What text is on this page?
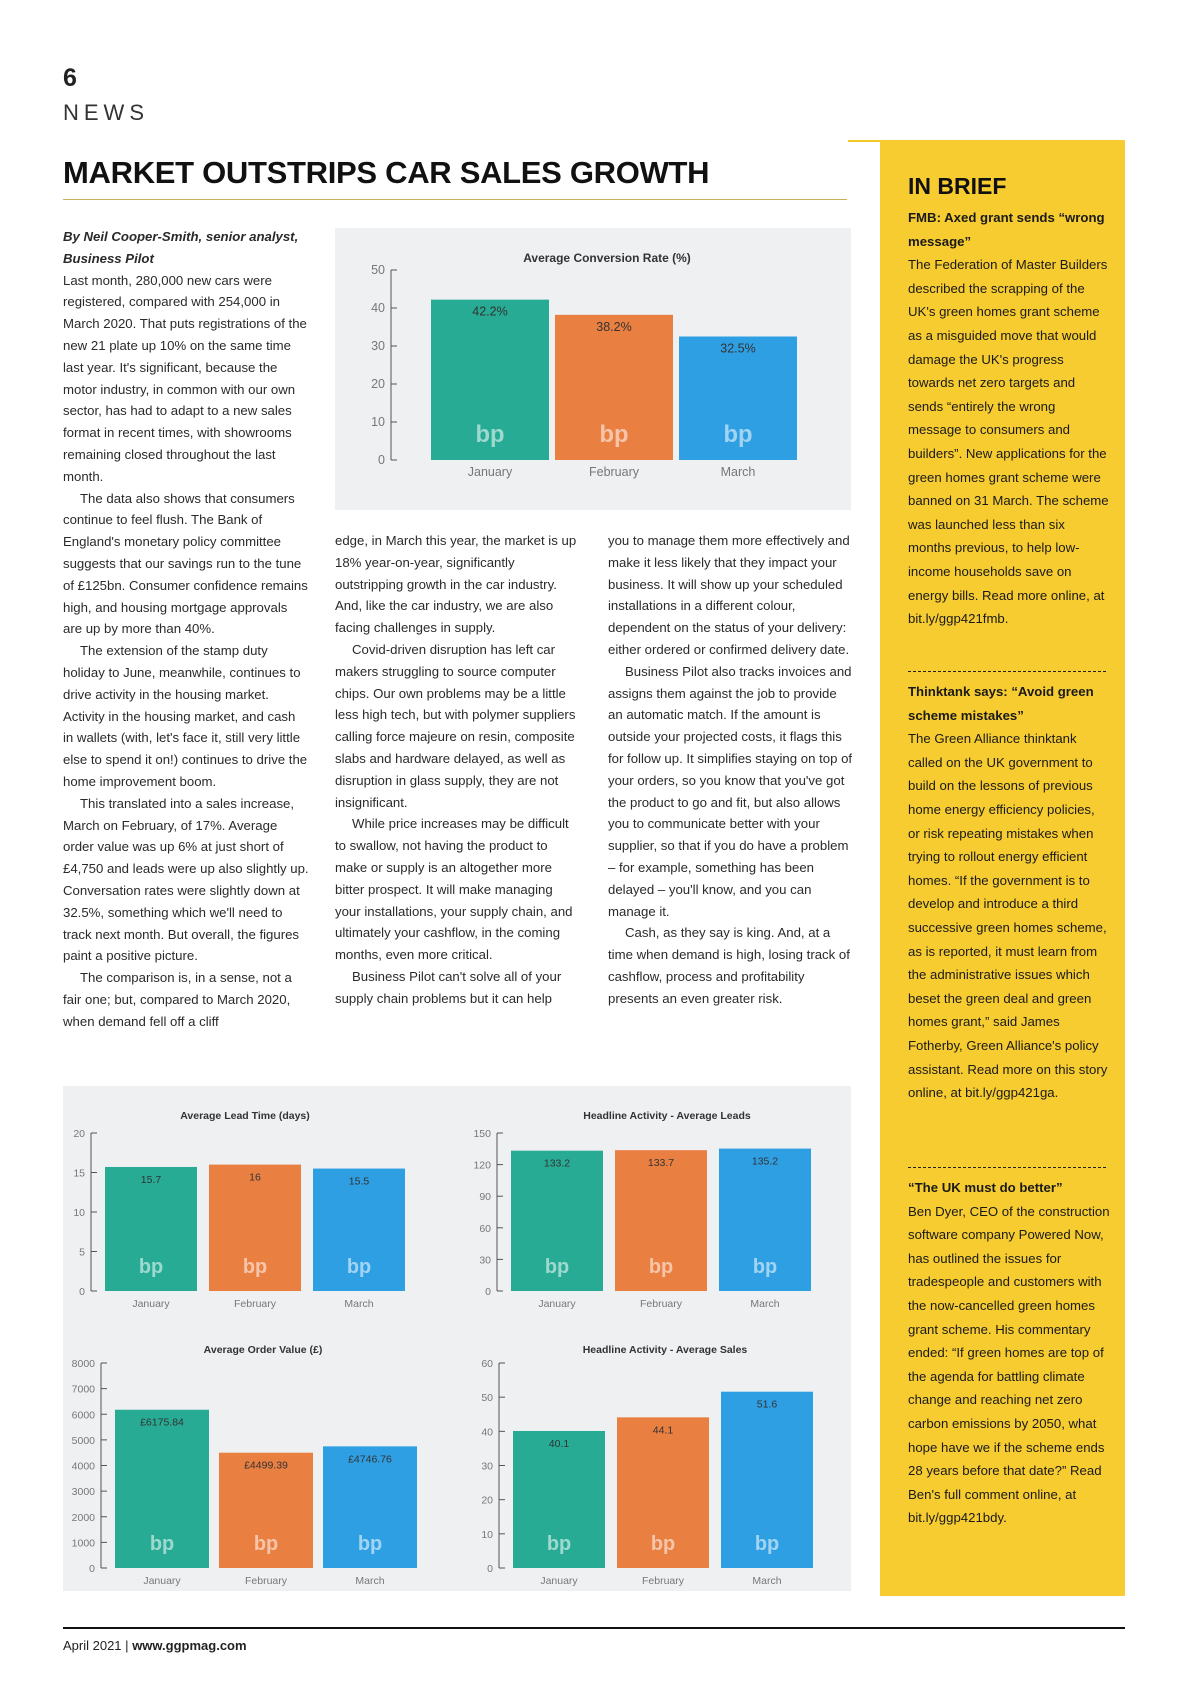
6
NEWS
MARKET OUTSTRIPS CAR SALES GROWTH

By Neil Cooper-Smith, senior analyst,
Business Pilot

Last month, 280,000 new cars were registered, compared with 254,000 in March 2020. That puts registrations of the new 21 plate up 10% on the same time last year. It's significant, because the motor industry, in common with our own sector, has had to adapt to a new sales format in recent times, with showrooms remaining closed throughout the last month.

The data also shows that consumers continue to feel flush. The Bank of England's monetary policy committee suggests that our savings run to the tune of £125bn. Consumer confidence remains high, and housing mortgage approvals are up by more than 40%.

The extension of the stamp duty holiday to June, meanwhile, continues to drive activity in the housing market. Activity in the housing market, and cash in wallets (with, let's face it, still very little else to spend it on!) continues to drive the home improvement boom.

This translated into a sales increase, March on February, of 17%. Average order value was up 6% at just short of £4,750 and leads were up also slightly up. Conversation rates were slightly down at 32.5%, something which we'll need to track next month. But overall, the figures paint a positive picture.

The comparison is, in a sense, not a fair one; but, compared to March 2020, when demand fell off a cliff

edge, in March this year, the market is up 18% year-on-year, significantly outstripping growth in the car industry. And, like the car industry, we are also facing challenges in supply.

Covid-driven disruption has left car makers struggling to source computer chips. Our own problems may be a little less high tech, but with polymer suppliers calling force majeure on resin, composite slabs and hardware delayed, as well as disruption in glass supply, they are not insignificant.

While price increases may be difficult to swallow, not having the product to make or supply is an altogether more bitter prospect. It will make managing your installations, your supply chain, and ultimately your cashflow, in the coming months, even more critical.

Business Pilot can't solve all of your supply chain problems but it can help

you to manage them more effectively and make it less likely that they impact your business. It will show up your scheduled installations in a different colour, dependent on the status of your delivery: either ordered or confirmed delivery date.

Business Pilot also tracks invoices and assigns them against the job to provide an automatic match. If the amount is outside your projected costs, it flags this for follow up. It simplifies staying on top of your orders, so you know that you've got the product to go and fit, but also allows you to communicate better with your supplier, so that if you do have a problem – for example, something has been delayed – you'll know, and you can manage it.

Cash, as they say is king. And, at a time when demand is high, losing track of cashflow, process and profitability presents an even greater risk.

Average Conversion Rate (%)
0
10
20
30
40
50
42.2%
bp
January
38.2%
bp
February
32.5%
bp
March
Average Lead Time (days)
0
5
10
15
20
15.7
bp
January
16
bp
February
15.5
bp
March
Headline Activity - Average Leads
0
30
60
90
120
150
133.2
bp
January
133.7
bp
February
135.2
bp
March
Average Order Value (£)
0
1000
2000
3000
4000
5000
6000
7000
8000
£6175.84
bp
January
£4499.39
bp
February
£4746.76
bp
March
Headline Activity - Average Sales
0
10
20
30
40
50
60
40.1
bp
January
44.1
bp
February
51.6
bp
March
IN BRIEF

FMB: Axed grant sends “wrong message”

The Federation of Master Builders described the scrapping of the UK's green homes grant scheme as a misguided move that would damage the UK's progress towards net zero targets and sends “entirely the wrong message to consumers and builders”. New applications for the green homes grant scheme were banned on 31 March. The scheme was launched less than six months previous, to help low-income households save on energy bills. Read more online, at bit.ly/ggp421fmb.

Thinktank says: “Avoid green scheme mistakes”

The Green Alliance thinktank called on the UK government to build on the lessons of previous home energy efficiency policies, or risk repeating mistakes when trying to rollout energy efficient homes. “If the government is to develop and introduce a third successive green homes scheme, as is reported, it must learn from the administrative issues which beset the green deal and green homes grant,” said James Fotherby, Green Alliance's policy assistant. Read more on this story online, at bit.ly/ggp421ga.

“The UK must do better”

Ben Dyer, CEO of the construction software company Powered Now, has outlined the issues for tradespeople and customers with the now-cancelled green homes grant scheme. His commentary ended: “If green homes are top of the agenda for battling climate change and reaching net zero carbon emissions by 2050, what hope have we if the scheme ends 28 years before that date?” Read Ben's full comment online, at bit.ly/ggp421bdy.

April 2021 | www.ggpmag.com
